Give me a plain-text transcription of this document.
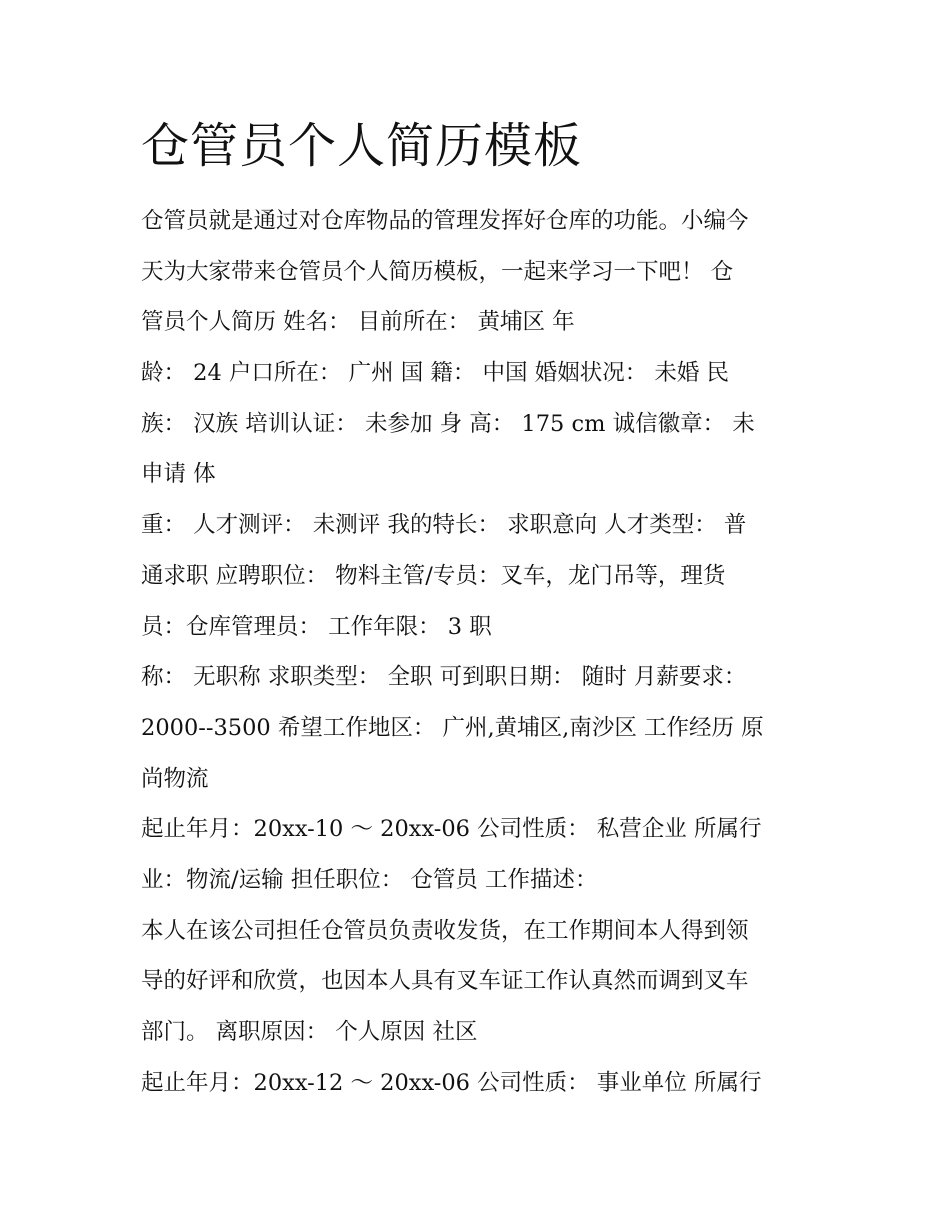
仓管员个人简历模板
仓管员就是通过对仓库物品的管理发挥好仓库的功能。小编今
天为大家带来仓管员个人简历模板，一起来学习一下吧！ 仓
管员个人简历 姓名： 目前所在： 黄埔区 年
龄： 24 户口所在： 广州 国 籍： 中国 婚姻状况： 未婚 民
族： 汉族 培训认证： 未参加 身 高： 175 cm 诚信徽章： 未
申请 体
重： 人才测评： 未测评 我的特长： 求职意向 人才类型： 普
通求职 应聘职位： 物料主管/专员：叉车，龙门吊等，理货
员：仓库管理员： 工作年限： 3 职
称： 无职称 求职类型： 全职 可到职日期： 随时 月薪要求：
2000--3500 希望工作地区： 广州,黄埔区,南沙区 工作经历 原
尚物流
起止年月：20xx-10 ～ 20xx-06 公司性质： 私营企业 所属行
业：物流/运输 担任职位： 仓管员 工作描述：
本人在该公司担任仓管员负责收发货，在工作期间本人得到领
导的好评和欣赏，也因本人具有叉车证工作认真然而调到叉车
部门。 离职原因： 个人原因 社区
起止年月：20xx-12 ～ 20xx-06 公司性质： 事业单位 所属行
